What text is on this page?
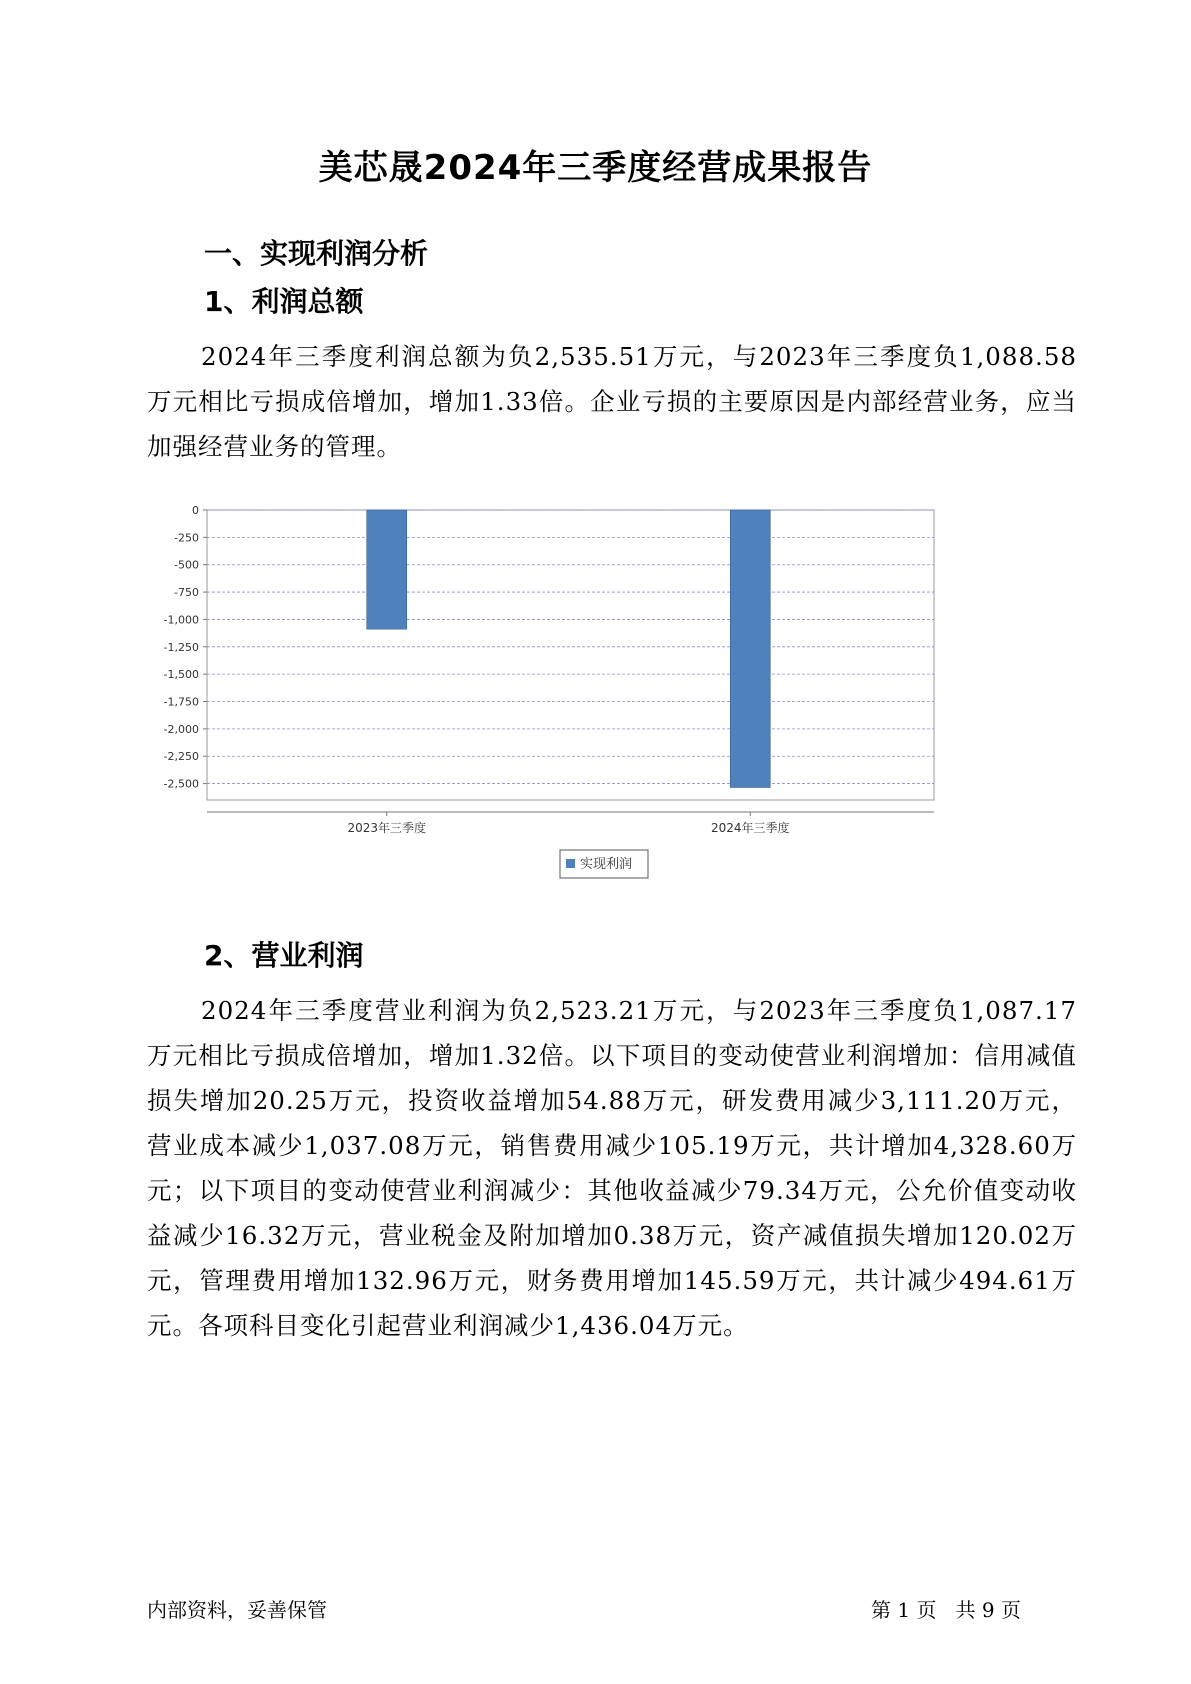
美芯晟2024年三季度经营成果报告
一、实现利润分析
1、利润总额

2024年三季度利润总额为负2,535.51万元，与2023年三季度负1,088.58万元相比亏损成倍增加，增加1.33倍。企业亏损的主要原因是内部经营业务，应当加强经营业务的管理。

0
-250
-500
-750
-1,000
-1,250
-1,500
-1,750
-2,000
-2,250
-2,500
2023年三季度	2024年三季度
实现利润
2、营业利润

2024年三季度营业利润为负2,523.21万元，与2023年三季度负1,087.17万元相比亏损成倍增加，增加1.32倍。以下项目的变动使营业利润增加：信用减值损失增加20.25万元，投资收益增加54.88万元，研发费用减少3,111.20万元，营业成本减少1,037.08万元，销售费用减少105.19万元，共计增加4,328.60万元；以下项目的变动使营业利润减少：其他收益减少79.34万元，公允价值变动收益减少16.32万元，营业税金及附加增加0.38万元，资产减值损失增加120.02万元，管理费用增加132.96万元，财务费用增加145.59万元，共计减少494.61万元。各项科目变化引起营业利润减少1,436.04万元。

内部资料，妥善保管	第 1 页   共 9 页
